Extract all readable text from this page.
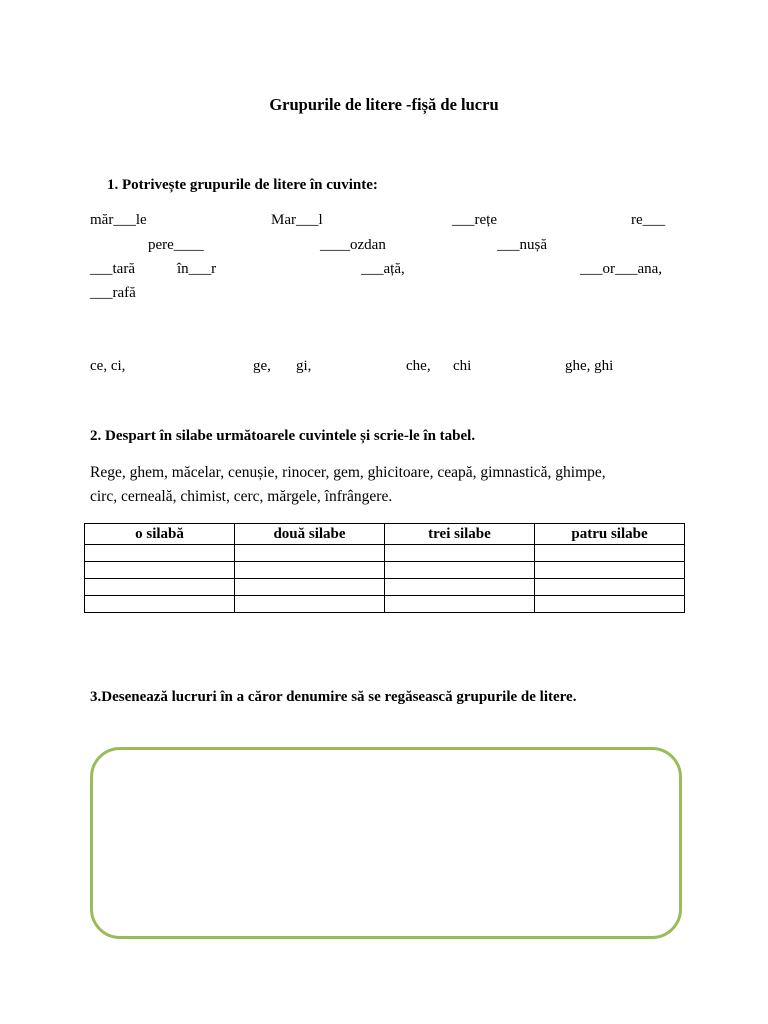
Grupurile de litere -fișă de lucru
1. Potrivește grupurile de litere în cuvinte:
măr___le	Mar___l	___rețe	re___
pere____	____ozdan	___nușă
___tară	în___r	___ață,	___or___ana,
___rafă
ce, ci,	ge, gi,	che, chi	ghe, ghi
2. Despart în silabe următoarele cuvintele și scrie-le în tabel.
Rege, ghem, măcelar, cenușie, rinocer, gem, ghicitoare, ceapă, gimnastică, ghimpe,
circ, cerneală, chimist, cerc, mărgele, înfrângere.
o silabă	două silabe	trei silabe	patru silabe

3.Desenează lucruri în a căror denumire să se regăsească grupurile de litere.
